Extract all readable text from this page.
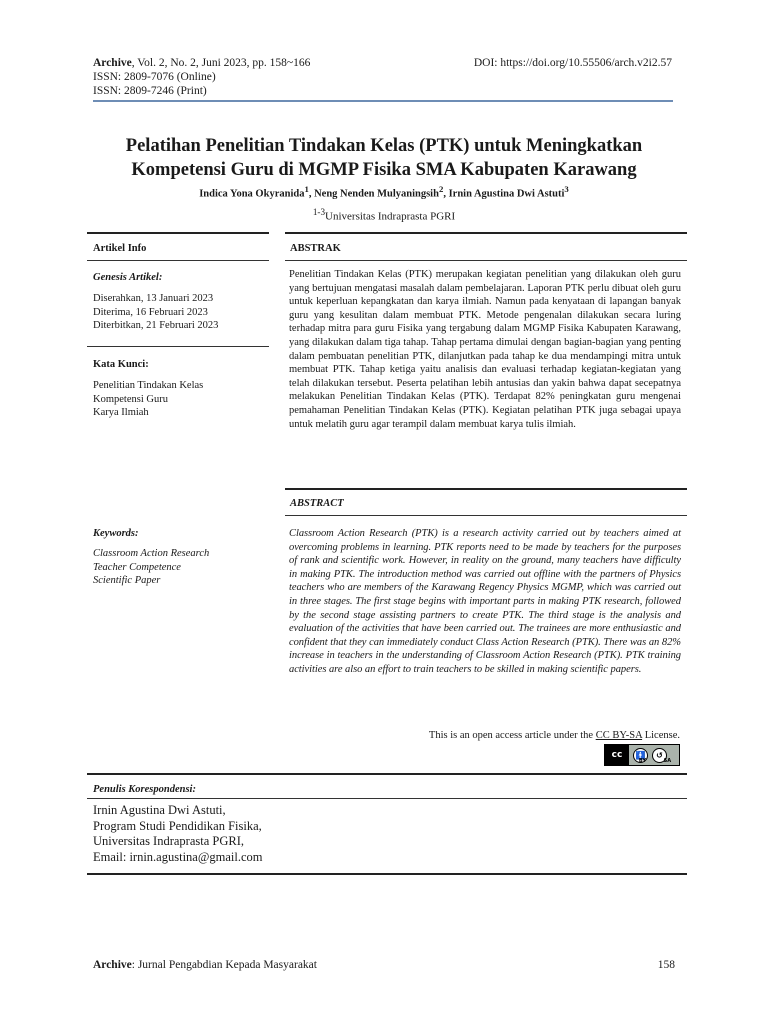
Archive, Vol. 2, No. 2, Juni 2023, pp. 158~166	DOI: https://doi.org/10.55506/arch.v2i2.57
ISSN: 2809-7076 (Online)
ISSN: 2809-7246 (Print)
Pelatihan Penelitian Tindakan Kelas (PTK) untuk Meningkatkan
Kompetensi Guru di MGMP Fisika SMA Kabupaten Karawang
Indica Yona Okyranida$^1$, Neng Nenden Mulyaningsih$^2$, Irnin Agustina Dwi Astuti$^3$
$^{1-3}$Universitas Indraprasta PGRI
Artikel Info
Genesis Artikel:
Diserahkan, 13 Januari 2023
Diterima, 16 Februari 2023
Diterbitkan, 21 Februari 2023
Kata Kunci:
Penelitian Tindakan Kelas
Kompetensi Guru
Karya Ilmiah
Keywords:
Classroom Action Research
Teacher Competence
Scientific Paper
ABSTRAK
Penelitian Tindakan Kelas (PTK) merupakan kegiatan penelitian yang dilakukan oleh guru yang bertujuan mengatasi masalah dalam pembelajaran. Laporan PTK perlu dibuat oleh guru untuk keperluan kepangkatan dan karya ilmiah. Namun pada kenyataan di lapangan banyak guru yang kesulitan dalam membuat PTK. Metode pengenalan dilakukan secara luring terhadap mitra para guru Fisika yang tergabung dalam MGMP Fisika Kabupaten Karawang, yang dilakukan dalam tiga tahap. Tahap pertama dimulai dengan bagian-bagian yang penting dalam pembuatan penelitian PTK, dilanjutkan pada tahap ke dua mendampingi mitra untuk membuat PTK. Tahap ketiga yaitu analisis dan evaluasi terhadap kegiatan-kegiatan yang telah dilakukan tersebut. Peserta pelatihan lebih antusias dan yakin bahwa dapat secepatnya melakukan Penelitian Tindakan Kelas (PTK). Terdapat 82% peningkatan guru mengenai pemahaman Penelitian Tindakan Kelas (PTK). Kegiatan pelatihan PTK juga sebagai upaya untuk melatih guru agar terampil dalam membuat karya tulis ilmiah.
ABSTRACT
Classroom Action Research (PTK) is a research activity carried out by teachers aimed at overcoming problems in learning. PTK reports need to be made by teachers for the purposes of rank and scientific work. However, in reality on the ground, many teachers have difficulty in making PTK. The introduction method was carried out offline with the partners of Physics teachers who are members of the Karawang Regency Physics MGMP, which was carried out in three stages. The first stage begins with important parts in making PTK research, followed by the second stage assisting partners to create PTK. The third stage is the analysis and evaluation of the activities that have been carried out. The trainees are more enthusiastic and confident that they can immediately conduct Class Action Research (PTK). There was an 82% increase in teachers in the understanding of Classroom Action Research (PTK). PTK training activities are also an effort to train teachers to be skilled in making scientific papers.
This is an open access article under the CC BY-SA License.
cc	🚹	↺
BY	SA
Penulis Korespondensi:
Irnin Agustina Dwi Astuti,
Program Studi Pendidikan Fisika,
Universitas Indraprasta PGRI,
Email: irnin.agustina@gmail.com
Archive: Jurnal Pengabdian Kepada Masyarakat	158
